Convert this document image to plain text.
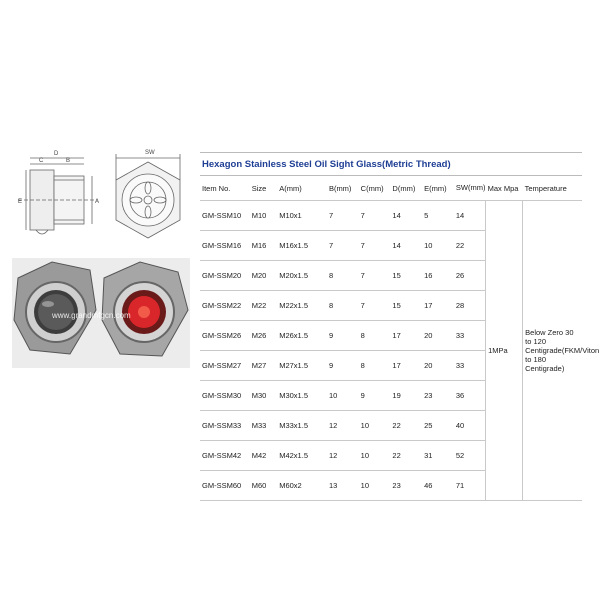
D
C	B
E	A
SW
www.grandmfgcn.com
Hexagon Stainless Steel Oil Sight Glass(Metric Thread)
Item No.	Size	A(mm)	B(mm)	C(mm)	D(mm)	E(mm)	SW(mm)	Max Mpa	Temperature
GM-SSM10	M10	M10x1	7	7	14	5	14	1MPa	Below Zero 30 to 120 Centigrade(FKM/Viton to 180 Centigrade)
GM-SSM16	M16	M16x1.5	7	7	14	10	22		
GM-SSM20	M20	M20x1.5	8	7	15	16	26		
GM-SSM22	M22	M22x1.5	8	7	15	17	28		
GM-SSM26	M26	M26x1.5	9	8	17	20	33		
GM-SSM27	M27	M27x1.5	9	8	17	20	33		
GM-SSM30	M30	M30x1.5	10	9	19	23	36		
GM-SSM33	M33	M33x1.5	12	10	22	25	40		
GM-SSM42	M42	M42x1.5	12	10	22	31	52		
GM-SSM60	M60	M60x2	13	10	23	46	71		
